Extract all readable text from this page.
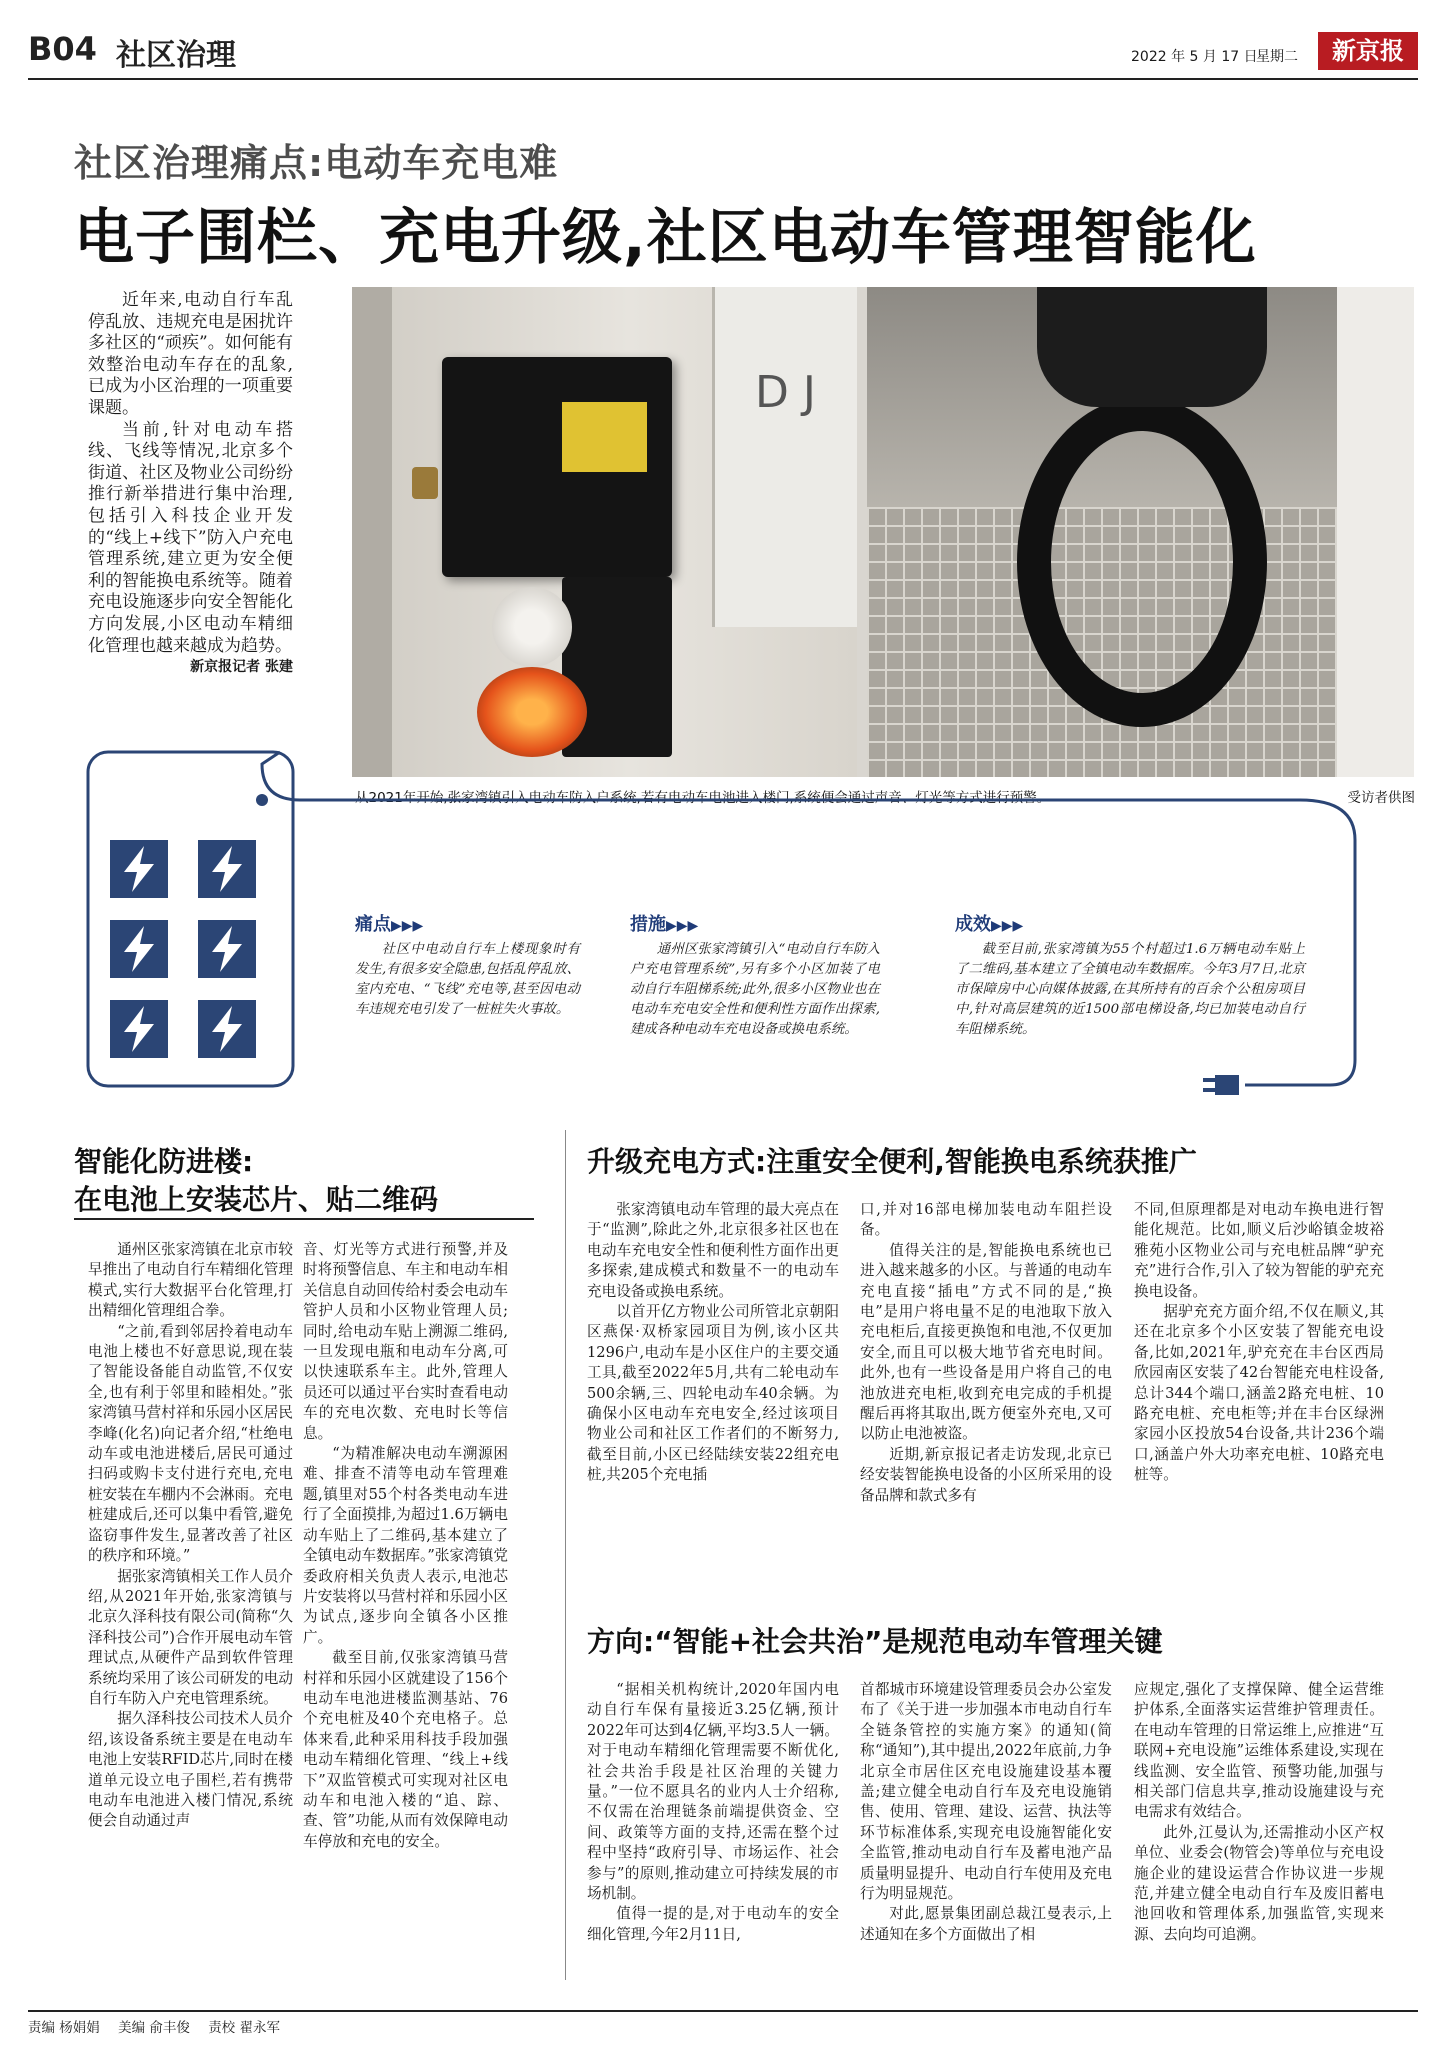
B04 社区治理	2022 年 5 月 17 日
星期二	新京报
社区治理痛点:电动车充电难
电子围栏、充电升级,社区电动车管理智能化

近年来,电动自行车乱停乱放、违规充电是困扰许多社区的“顽疾”。如何能有效整治电动车存在的乱象,已成为小区治理的一项重要课题。

当前,针对电动车搭线、飞线等情况,北京多个街道、社区及物业公司纷纷推行新举措进行集中治理,包括引入科技企业开发的“线上+线下”防入户充电管理系统,建立更为安全便利的智能换电系统等。随着充电设施逐步向安全智能化方向发展,小区电动车精细化管理也越来越成为趋势。

新京报记者 张建
D J
从2021年开始,张家湾镇引入电动车防入户系统,若有电动车电池进入楼门,系统便会通过声音、灯光等方式进行预警。	受访者供图
痛点▶▶▶

社区中电动自行车上楼现象时有发生,有很多安全隐患,包括乱停乱放、室内充电、“飞线”充电等,甚至因电动车违规充电引发了一桩桩失火事故。

措施▶▶▶

通州区张家湾镇引入“电动自行车防入户充电管理系统”,另有多个小区加装了电动自行车阻梯系统;此外,很多小区物业也在电动车充电安全性和便利性方面作出探索,建成各种电动车充电设备或换电系统。

成效▶▶▶

截至目前,张家湾镇为55个村超过1.6万辆电动车贴上了二维码,基本建立了全镇电动车数据库。今年3月7日,北京市保障房中心向媒体披露,在其所持有的百余个公租房项目中,针对高层建筑的近1500部电梯设备,均已加装电动自行车阻梯系统。

智能化防进楼:
在电池上安装芯片、贴二维码

通州区张家湾镇在北京市较早推出了电动自行车精细化管理模式,实行大数据平台化管理,打出精细化管理组合拳。

“之前,看到邻居拎着电动车电池上楼也不好意思说,现在装了智能设备能自动监管,不仅安全,也有利于邻里和睦相处。”张家湾镇马营村祥和乐园小区居民李峰(化名)向记者介绍,“杜绝电动车或电池进楼后,居民可通过扫码或购卡支付进行充电,充电桩安装在车棚内不会淋雨。充电桩建成后,还可以集中看管,避免盗窃事件发生,显著改善了社区的秩序和环境。”

据张家湾镇相关工作人员介绍,从2021年开始,张家湾镇与北京久泽科技有限公司(简称“久泽科技公司”)合作开展电动车管理试点,从硬件产品到软件管理系统均采用了该公司研发的电动自行车防入户充电管理系统。

据久泽科技公司技术人员介绍,该设备系统主要是在电动车电池上安装RFID芯片,同时在楼道单元设立电子围栏,若有携带电动车电池进入楼门情况,系统便会自动通过声

音、灯光等方式进行预警,并及时将预警信息、车主和电动车相关信息自动回传给村委会电动车管护人员和小区物业管理人员;同时,给电动车贴上溯源二维码,一旦发现电瓶和电动车分离,可以快速联系车主。此外,管理人员还可以通过平台实时查看电动车的充电次数、充电时长等信息。

“为精准解决电动车溯源困难、排查不清等电动车管理难题,镇里对55个村各类电动车进行了全面摸排,为超过1.6万辆电动车贴上了二维码,基本建立了全镇电动车数据库。”张家湾镇党委政府相关负责人表示,电池芯片安装将以马营村祥和乐园小区为试点,逐步向全镇各小区推广。

截至目前,仅张家湾镇马营村祥和乐园小区就建设了156个电动车电池进楼监测基站、76个充电桩及40个充电格子。总体来看,此种采用科技手段加强电动车精细化管理、“线上+线下”双监管模式可实现对社区电动车和电池入楼的“追、踪、查、管”功能,从而有效保障电动车停放和充电的安全。

升级充电方式:注重安全便利,智能换电系统获推广

张家湾镇电动车管理的最大亮点在于“监测”,除此之外,北京很多社区也在电动车充电安全性和便利性方面作出更多探索,建成模式和数量不一的电动车充电设备或换电系统。

以首开亿方物业公司所管北京朝阳区燕保·双桥家园项目为例,该小区共1296户,电动车是小区住户的主要交通工具,截至2022年5月,共有二轮电动车500余辆,三、四轮电动车40余辆。为确保小区电动车充电安全,经过该项目物业公司和社区工作者们的不断努力,截至目前,小区已经陆续安装22组充电桩,共205个充电插

口,并对16部电梯加装电动车阻拦设备。

值得关注的是,智能换电系统也已进入越来越多的小区。与普通的电动车充电直接“插电”方式不同的是,“换电”是用户将电量不足的电池取下放入充电柜后,直接更换饱和电池,不仅更加安全,而且可以极大地节省充电时间。此外,也有一些设备是用户将自己的电池放进充电柜,收到充电完成的手机提醒后再将其取出,既方便室外充电,又可以防止电池被盗。

近期,新京报记者走访发现,北京已经安装智能换电设备的小区所采用的设备品牌和款式多有

不同,但原理都是对电动车换电进行智能化规范。比如,顺义后沙峪镇金坡裕雅苑小区物业公司与充电桩品牌“驴充充”进行合作,引入了较为智能的驴充充换电设备。

据驴充充方面介绍,不仅在顺义,其还在北京多个小区安装了智能充电设备,比如,2021年,驴充充在丰台区西局欣园南区安装了42台智能充电柱设备,总计344个端口,涵盖2路充电桩、10路充电桩、充电柜等;并在丰台区绿洲家园小区投放54台设备,共计236个端口,涵盖户外大功率充电桩、10路充电桩等。

方向:“智能+社会共治”是规范电动车管理关键

“据相关机构统计,2020年国内电动自行车保有量接近3.25亿辆,预计2022年可达到4亿辆,平均3.5人一辆。对于电动车精细化管理需要不断优化,社会共治手段是社区治理的关键力量。”一位不愿具名的业内人士介绍称,不仅需在治理链条前端提供资金、空间、政策等方面的支持,还需在整个过程中坚持“政府引导、市场运作、社会参与”的原则,推动建立可持续发展的市场机制。

值得一提的是,对于电动车的安全细化管理,今年2月11日,

首都城市环境建设管理委员会办公室发布了《关于进一步加强本市电动自行车全链条管控的实施方案》的通知(简称“通知”),其中提出,2022年底前,力争北京全市居住区充电设施建设基本覆盖;建立健全电动自行车及充电设施销售、使用、管理、建设、运营、执法等环节标准体系,实现充电设施智能化安全监管,推动电动自行车及蓄电池产品质量明显提升、电动自行车使用及充电行为明显规范。

对此,愿景集团副总裁江曼表示,上述通知在多个方面做出了相

应规定,强化了支撑保障、健全运营维护体系,全面落实运营维护管理责任。在电动车管理的日常运维上,应推进“互联网+充电设施”运维体系建设,实现在线监测、安全监管、预警功能,加强与相关部门信息共享,推动设施建设与充电需求有效结合。

此外,江曼认为,还需推动小区产权单位、业委会(物管会)等单位与充电设施企业的建设运营合作协议进一步规范,并建立健全电动自行车及废旧蓄电池回收和管理体系,加强监管,实现来源、去向均可追溯。

责编 杨娟娟 美编 俞丰俊 责校 翟永军
